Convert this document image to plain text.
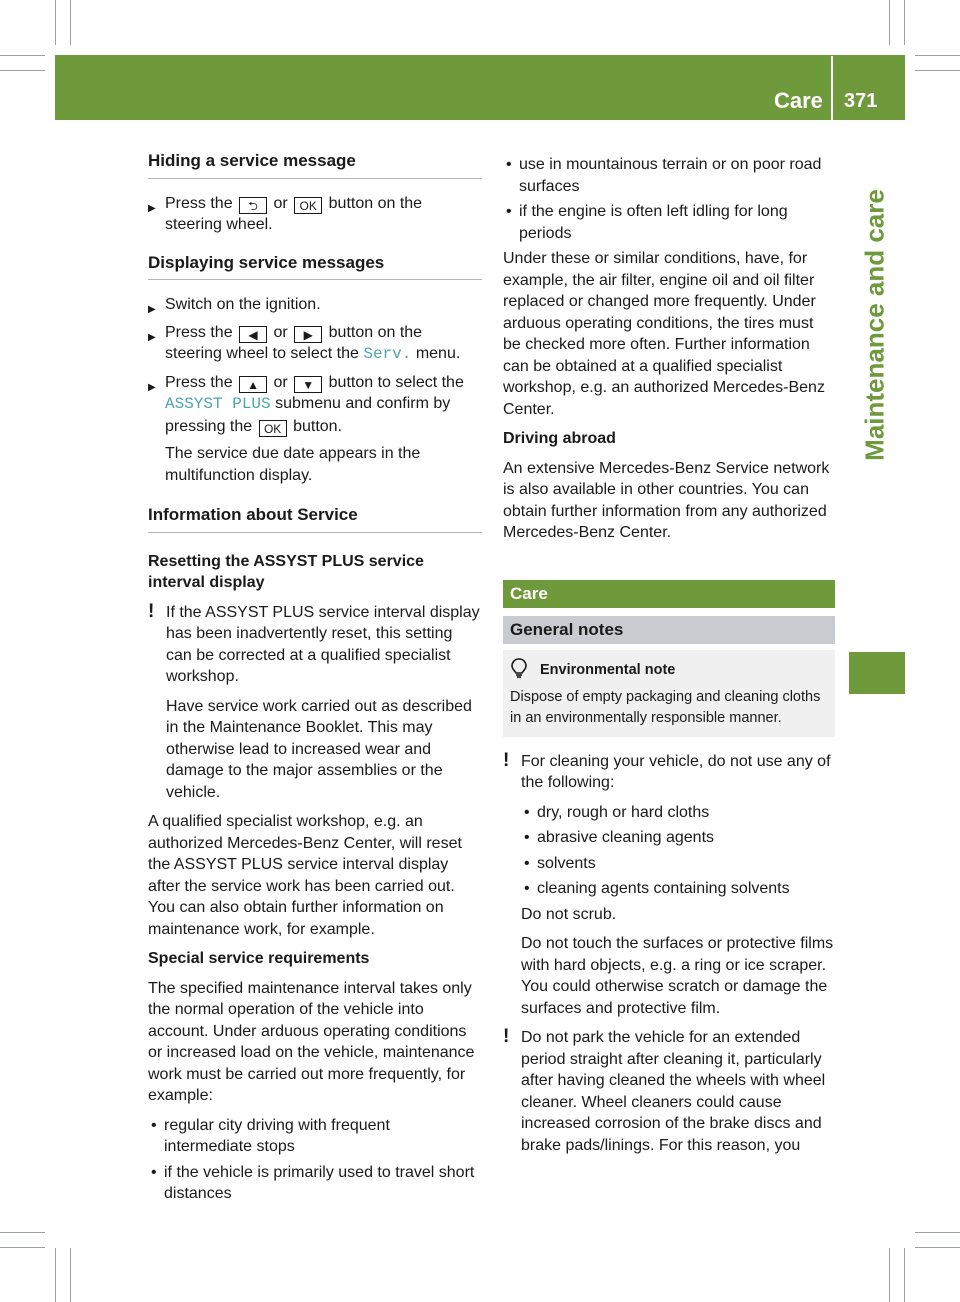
Care 371
Maintenance and care
Hiding a service message
▶ Press the ⮌ or OK button on the steering wheel.
Displaying service messages
▶ Switch on the ignition.
▶ Press the ◀ or ▶ button on the steering wheel to select the Serv. menu.
▶ Press the ▲ or ▼ button to select the ASSYST PLUS submenu and confirm by pressing the OK button.

The service due date appears in the multifunction display.

Information about Service

Resetting the ASSYST PLUS service interval display

! If the ASSYST PLUS service interval display has been inadvertently reset, this setting can be corrected at a qualified specialist workshop.

Have service work carried out as described in the Maintenance Booklet. This may otherwise lead to increased wear and damage to the major assemblies or the vehicle.

A qualified specialist workshop, e.g. an authorized Mercedes-Benz Center, will reset the ASSYST PLUS service interval display after the service work has been carried out. You can also obtain further information on maintenance work, for example.

Special service requirements

The specified maintenance interval takes only the normal operation of the vehicle into account. Under arduous operating conditions or increased load on the vehicle, maintenance work must be carried out more frequently, for example:

• regular city driving with frequent intermediate stops
• if the vehicle is primarily used to travel short distances
• use in mountainous terrain or on poor road surfaces
• if the engine is often left idling for long periods

Under these or similar conditions, have, for example, the air filter, engine oil and oil filter replaced or changed more frequently. Under arduous operating conditions, the tires must be checked more often. Further information can be obtained at a qualified specialist workshop, e.g. an authorized Mercedes-Benz Center.

Driving abroad

An extensive Mercedes-Benz Service network is also available in other countries. You can obtain further information from any authorized Mercedes-Benz Center.

Care
General notes
Environmental note
Dispose of empty packaging and cleaning cloths in an environmentally responsible manner.
! For cleaning your vehicle, do not use any of the following:

• dry, rough or hard cloths
• abrasive cleaning agents
• solvents
• cleaning agents containing solvents

Do not scrub.

Do not touch the surfaces or protective films with hard objects, e.g. a ring or ice scraper. You could otherwise scratch or damage the surfaces and protective film.

! Do not park the vehicle for an extended period straight after cleaning it, particularly after having cleaned the wheels with wheel cleaner. Wheel cleaners could cause increased corrosion of the brake discs and brake pads/linings. For this reason, you
